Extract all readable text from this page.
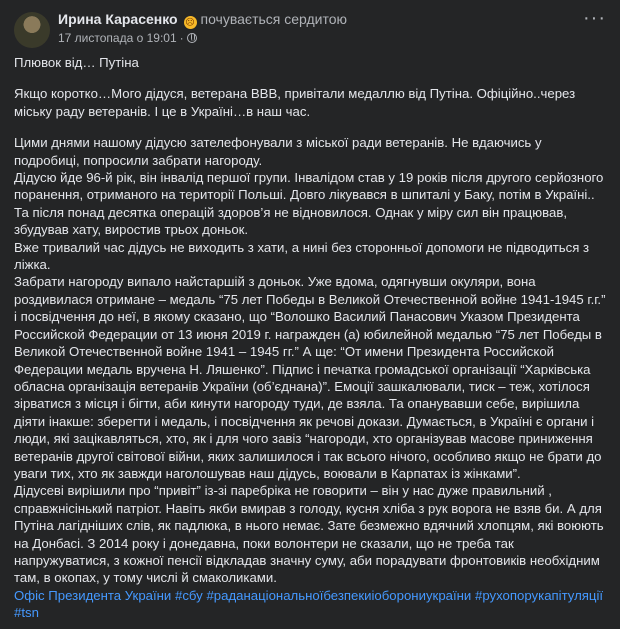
Ирина Карасенко ☹ почувається сердитою
17 листопада о 19:01 ·
···

Плювок від… Путіна

Якщо коротко…Мого дідуся, ветерана ВВВ, привітали медаллю від Путіна. Офіційно..через міську раду ветеранів. І це в Україні…в наш час.

Цими днями нашому дідусю зателефонували з міської ради ветеранів. Не вдаючись у подробиці, попросили забрати нагороду.

Дідусю йде 96-й рік, він інвалід першої групи. Інвалідом став у 19 років після другого серйозного поранення, отриманого на території Польші. Довго лікувався в шпиталі у Баку, потім в Україні.. Та після понад десятка операцій здоров’я не відновилося. Однак у міру сил він працював, збудував хату, виростив трьох доньок.

Вже тривалий час дідусь не виходить з хати, а нині без сторонньої допомоги не підводиться з ліжка.

Забрати нагороду випало найстаршій з доньок. Уже вдома, одягнувши окуляри, вона роздивилася отримане – медаль “75 лет Победы в Великой Отечественной войне 1941-1945 г.г.” і посвідчення до неї, в якому сказано, що “Волошко Василий Панасович Указом Президента Российской Федерации от 13 июня 2019 г. награжден (а) юбилейной медалью “75 лет Победы в Великой Отечественной войне 1941 – 1945 гг.” А ще: “От имени Президента Российской Федерации медаль вручена Н. Ляшенко”. Підпис і печатка громадської організації “Харківська обласна організація ветеранів України (об’єднана)”. Емоції зашкалювали, тиск – теж, хотілося зірватися з місця і бігти, аби кинути нагороду туди, де взяла. Та опанувавши себе, вирішила діяти інакше: зберегти і медаль, і посвідчення як речові докази. Думається, в Україні є органи і люди, які зацікавляться, хто, як і для чого завіз “нагороди, хто організував масове приниження ветеранів другої світової війни, яких залишилося і так всього нічого, особливо якщо не брати до уваги тих, хто як завжди наголошував наш дідусь, воювали в Карпатах із жінками”.

Дідусеві вирішили про “привіт” із-зі паребріка не говорити – він у нас дуже правильний , справжнісінький патріот. Навіть якби вмирав з голоду, кусня хліба з рук ворога не взяв би. А для Путіна лагідніших слів, як падлюка, в нього немає. Зате безмежно вдячний хлопцям, які воюють на Донбасі. З 2014 року і донедавна, поки волонтери не сказали, що не треба так напружуватися, з кожної пенсії відкладав значну суму, аби порадувати фронтовиків необхідним там, в окопах, у тому числі й смаколиками.

Офіс Президента України #сбу #раданаціональноїбезпекиіоборониукраїни #рухопорукапітуляції #tsn
